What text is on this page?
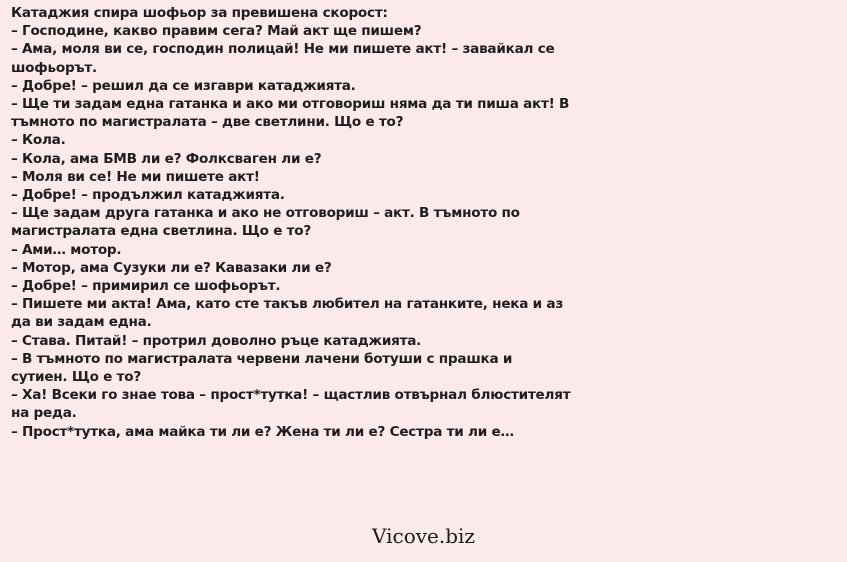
Катаджия спира шофьор за превишена скорост:
– Господине, какво правим сега? Май акт ще пишем?
– Ама, моля ви се, господин полицай! Не ми пишете акт! – завайкал се
шофьорът.
– Добре! – решил да се изгаври катаджията.
– Ще ти задам една гатанка и ако ми отговориш няма да ти пиша акт! В
тъмното по магистралата – две светлини. Що е то?
– Кола.
– Кола, ама БМВ ли е? Фолксваген ли е?
– Моля ви се! Не ми пишете акт!
– Добре! – продължил катаджията.
– Ще задам друга гатанка и ако не отговориш – акт. В тъмното по
магистралата една светлина. Що е то?
– Ами… мотор.
– Мотор, ама Сузуки ли е? Кавазаки ли е?
– Добре! – примирил се шофьорът.
– Пишете ми акта! Ама, като сте такъв любител на гатанките, нека и аз
да ви задам една.
– Става. Питай! – протрил доволно ръце катаджията.
– В тъмното по магистралата червени лачени ботуши с прашка и
сутиен. Що е то?
– Ха! Всеки го знае това – прост*тутка! – щастлив отвърнал блюстителят
на реда.
– Прост*тутка, ама майка ти ли е? Жена ти ли е? Сестра ти ли е…
Vicove.biz
